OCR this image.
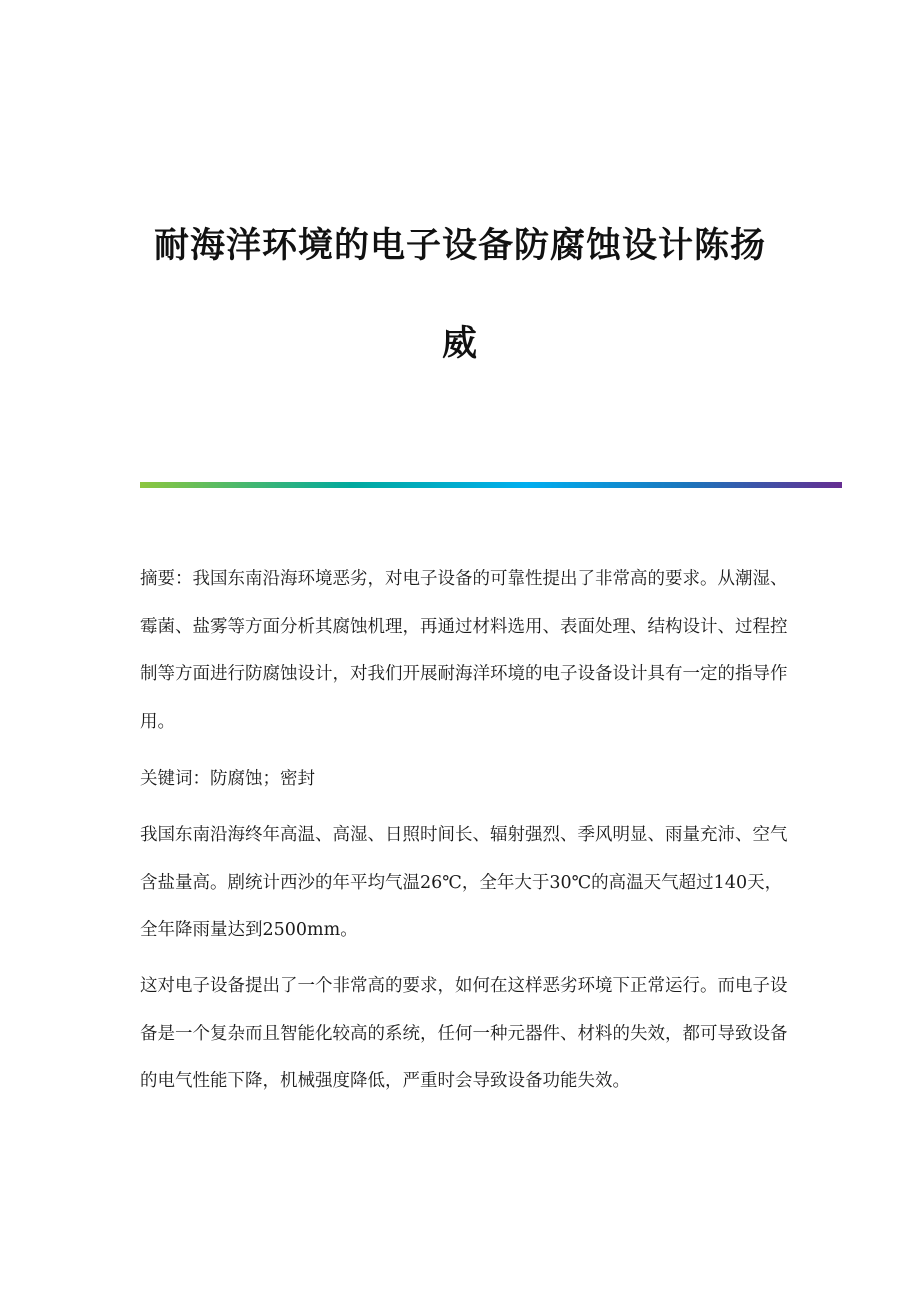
耐海洋环境的电子设备防腐蚀设计陈扬
威

摘要：我国东南沿海环境恶劣，对电子设备的可靠性提出了非常高的要求。从潮湿、霉菌、盐雾等方面分析其腐蚀机理，再通过材料选用、表面处理、结构设计、过程控制等方面进行防腐蚀设计，对我们开展耐海洋环境的电子设备设计具有一定的指导作用。

关键词：防腐蚀；密封

我国东南沿海终年高温、高湿、日照时间长、辐射强烈、季风明显、雨量充沛、空气含盐量高。剧统计西沙的年平均气温26℃，全年大于30℃的高温天气超过140天，全年降雨量达到2500mm。

这对电子设备提出了一个非常高的要求，如何在这样恶劣环境下正常运行。而电子设备是一个复杂而且智能化较高的系统，任何一种元器件、材料的失效，都可导致设备的电气性能下降，机械强度降低，严重时会导致设备功能失效。
